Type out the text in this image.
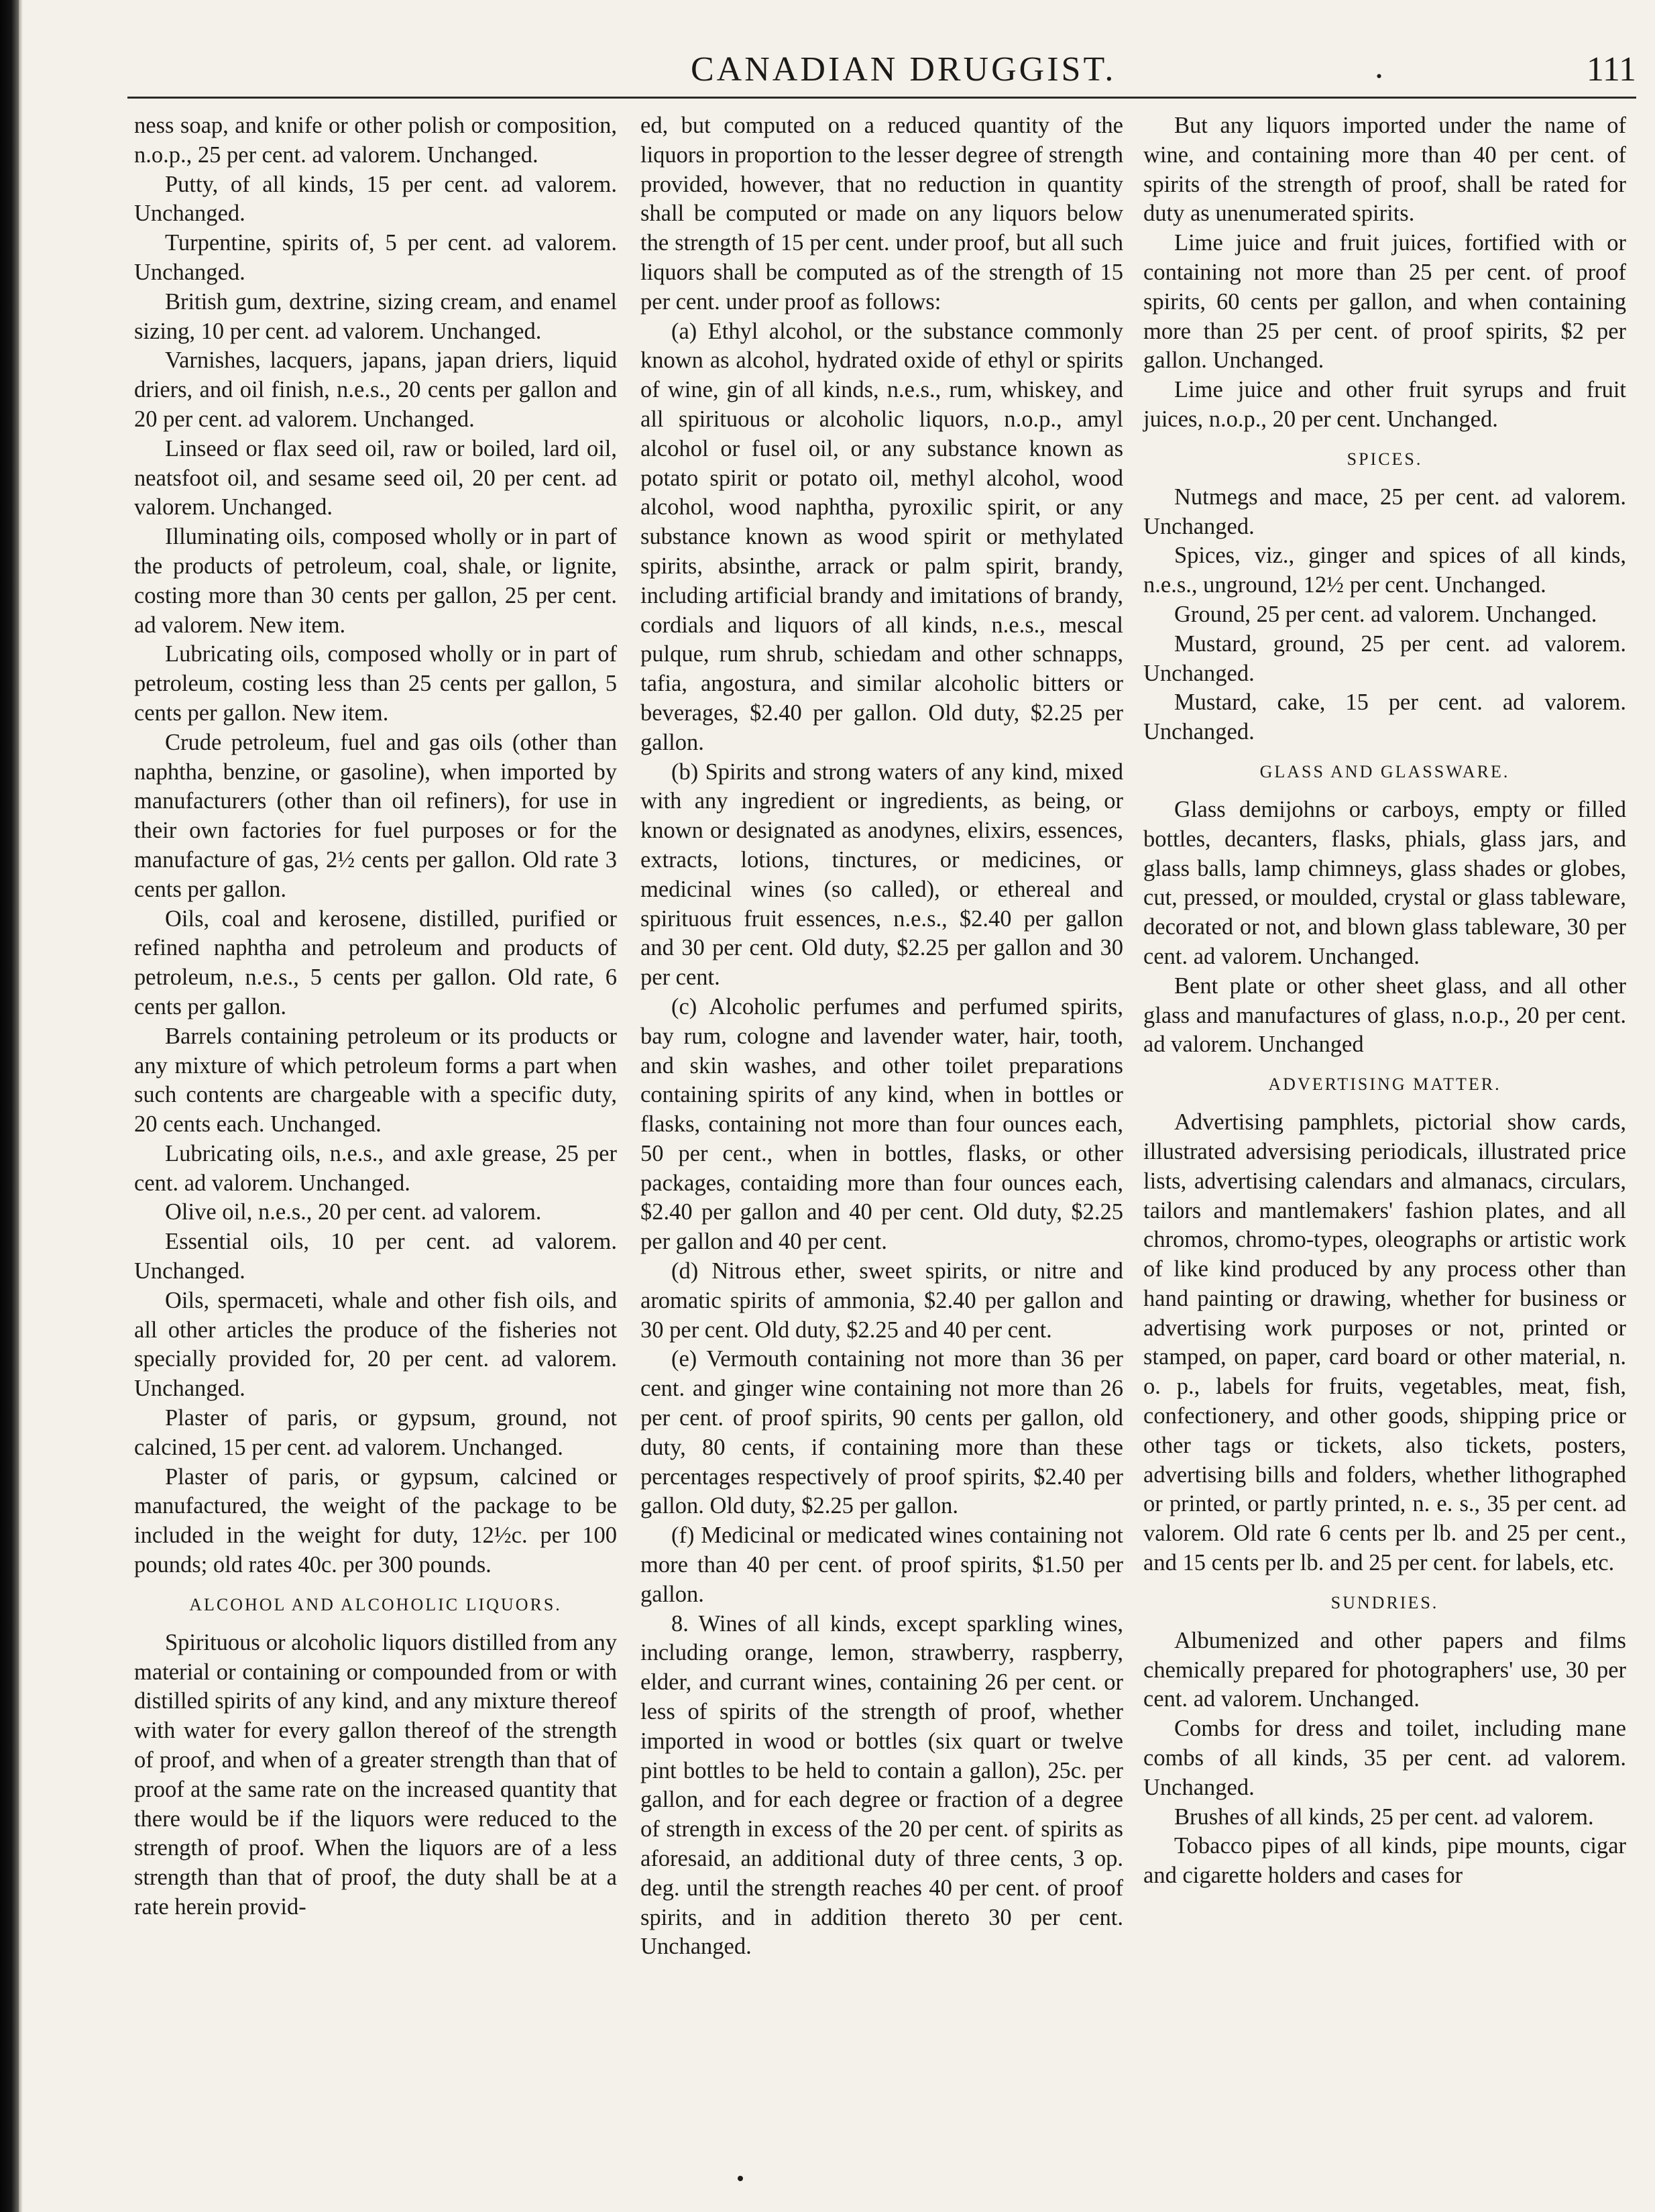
CANADIAN DRUGGIST.	.	111

ness soap, and knife or other polish or composition, n.o.p., 25 per cent. ad valorem. Unchanged.

Putty, of all kinds, 15 per cent. ad valorem. Unchanged.

Turpentine, spirits of, 5 per cent. ad valorem. Unchanged.

British gum, dextrine, sizing cream, and enamel sizing, 10 per cent. ad valorem. Unchanged.

Varnishes, lacquers, japans, japan driers, liquid driers, and oil finish, n.e.s., 20 cents per gallon and 20 per cent. ad valorem. Unchanged.

Linseed or flax seed oil, raw or boiled, lard oil, neatsfoot oil, and sesame seed oil, 20 per cent. ad valorem. Unchanged.

Illuminating oils, composed wholly or in part of the products of petroleum, coal, shale, or lignite, costing more than 30 cents per gallon, 25 per cent. ad valorem. New item.

Lubricating oils, composed wholly or in part of petroleum, costing less than 25 cents per gallon, 5 cents per gallon. New item.

Crude petroleum, fuel and gas oils (other than naphtha, benzine, or gasoline), when imported by manufacturers (other than oil refiners), for use in their own factories for fuel purposes or for the manufacture of gas, 2½ cents per gallon. Old rate 3 cents per gallon.

Oils, coal and kerosene, distilled, purified or refined naphtha and petroleum and products of petroleum, n.e.s., 5 cents per gallon. Old rate, 6 cents per gallon.

Barrels containing petroleum or its products or any mixture of which petroleum forms a part when such contents are chargeable with a specific duty, 20 cents each. Unchanged.

Lubricating oils, n.e.s., and axle grease, 25 per cent. ad valorem. Unchanged.

Olive oil, n.e.s., 20 per cent. ad valorem.

Essential oils, 10 per cent. ad valorem. Unchanged.

Oils, spermaceti, whale and other fish oils, and all other articles the produce of the fisheries not specially provided for, 20 per cent. ad valorem. Unchanged.

Plaster of paris, or gypsum, ground, not calcined, 15 per cent. ad valorem. Unchanged.

Plaster of paris, or gypsum, calcined or manufactured, the weight of the package to be included in the weight for duty, 12½c. per 100 pounds; old rates 40c. per 300 pounds.

ALCOHOL AND ALCOHOLIC LIQUORS.

Spirituous or alcoholic liquors distilled from any material or containing or compounded from or with distilled spirits of any kind, and any mixture thereof with water for every gallon thereof of the strength of proof, and when of a greater strength than that of proof at the same rate on the increased quantity that there would be if the liquors were reduced to the strength of proof. When the liquors are of a less strength than that of proof, the duty shall be at a rate herein provid-

ed, but computed on a reduced quantity of the liquors in proportion to the lesser degree of strength provided, however, that no reduction in quantity shall be computed or made on any liquors below the strength of 15 per cent. under proof, but all such liquors shall be computed as of the strength of 15 per cent. under proof as follows:

(a) Ethyl alcohol, or the substance commonly known as alcohol, hydrated oxide of ethyl or spirits of wine, gin of all kinds, n.e.s., rum, whiskey, and all spirituous or alcoholic liquors, n.o.p., amyl alcohol or fusel oil, or any substance known as potato spirit or potato oil, methyl alcohol, wood alcohol, wood naphtha, pyroxilic spirit, or any substance known as wood spirit or methylated spirits, absinthe, arrack or palm spirit, brandy, including artificial brandy and imitations of brandy, cordials and liquors of all kinds, n.e.s., mescal pulque, rum shrub, schiedam and other schnapps, tafia, angostura, and similar alcoholic bitters or beverages, $2.40 per gallon. Old duty, $2.25 per gallon.

(b) Spirits and strong waters of any kind, mixed with any ingredient or ingredients, as being, or known or designated as anodynes, elixirs, essences, extracts, lotions, tinctures, or medicines, or medicinal wines (so called), or ethereal and spirituous fruit essences, n.e.s., $2.40 per gallon and 30 per cent. Old duty, $2.25 per gallon and 30 per cent.

(c) Alcoholic perfumes and perfumed spirits, bay rum, cologne and lavender water, hair, tooth, and skin washes, and other toilet preparations containing spirits of any kind, when in bottles or flasks, containing not more than four ounces each, 50 per cent., when in bottles, flasks, or other packages, contaiding more than four ounces each, $2.40 per gallon and 40 per cent. Old duty, $2.25 per gallon and 40 per cent.

(d) Nitrous ether, sweet spirits, or nitre and aromatic spirits of ammonia, $2.40 per gallon and 30 per cent. Old duty, $2.25 and 40 per cent.

(e) Vermouth containing not more than 36 per cent. and ginger wine containing not more than 26 per cent. of proof spirits, 90 cents per gallon, old duty, 80 cents, if containing more than these percentages respectively of proof spirits, $2.40 per gallon. Old duty, $2.25 per gallon.

(f) Medicinal or medicated wines containing not more than 40 per cent. of proof spirits, $1.50 per gallon.

8. Wines of all kinds, except sparkling wines, including orange, lemon, strawberry, raspberry, elder, and currant wines, containing 26 per cent. or less of spirits of the strength of proof, whether imported in wood or bottles (six quart or twelve pint bottles to be held to contain a gallon), 25c. per gallon, and for each degree or fraction of a degree of strength in excess of the 20 per cent. of spirits as aforesaid, an additional duty of three cents, 3 op. deg. until the strength reaches 40 per cent. of proof spirits, and in addition thereto 30 per cent. Unchanged.

But any liquors imported under the name of wine, and containing more than 40 per cent. of spirits of the strength of proof, shall be rated for duty as unenumerated spirits.

Lime juice and fruit juices, fortified with or containing not more than 25 per cent. of proof spirits, 60 cents per gallon, and when containing more than 25 per cent. of proof spirits, $2 per gallon. Unchanged.

Lime juice and other fruit syrups and fruit juices, n.o.p., 20 per cent. Unchanged.

SPICES.

Nutmegs and mace, 25 per cent. ad valorem. Unchanged.

Spices, viz., ginger and spices of all kinds, n.e.s., unground, 12½ per cent. Unchanged.

Ground, 25 per cent. ad valorem. Unchanged.

Mustard, ground, 25 per cent. ad valorem. Unchanged.

Mustard, cake, 15 per cent. ad valorem. Unchanged.

GLASS AND GLASSWARE.

Glass demijohns or carboys, empty or filled bottles, decanters, flasks, phials, glass jars, and glass balls, lamp chimneys, glass shades or globes, cut, pressed, or moulded, crystal or glass tableware, decorated or not, and blown glass tableware, 30 per cent. ad valorem. Unchanged.

Bent plate or other sheet glass, and all other glass and manufactures of glass, n.o.p., 20 per cent. ad valorem. Unchanged

ADVERTISING MATTER.

Advertising pamphlets, pictorial show cards, illustrated adversising periodicals, illustrated price lists, advertising calendars and almanacs, circulars, tailors and mantlemakers' fashion plates, and all chromos, chromo-types, oleographs or artistic work of like kind produced by any process other than hand painting or drawing, whether for business or advertising work purposes or not, printed or stamped, on paper, card board or other material, n. o. p., labels for fruits, vegetables, meat, fish, confectionery, and other goods, shipping price or other tags or tickets, also tickets, posters, advertising bills and folders, whether lithographed or printed, or partly printed, n. e. s., 35 per cent. ad valorem. Old rate 6 cents per lb. and 25 per cent., and 15 cents per lb. and 25 per cent. for labels, etc.

SUNDRIES.

Albumenized and other papers and films chemically prepared for photographers' use, 30 per cent. ad valorem. Unchanged.

Combs for dress and toilet, including mane combs of all kinds, 35 per cent. ad valorem. Unchanged.

Brushes of all kinds, 25 per cent. ad valorem.

Tobacco pipes of all kinds, pipe mounts, cigar and cigarette holders and cases for
